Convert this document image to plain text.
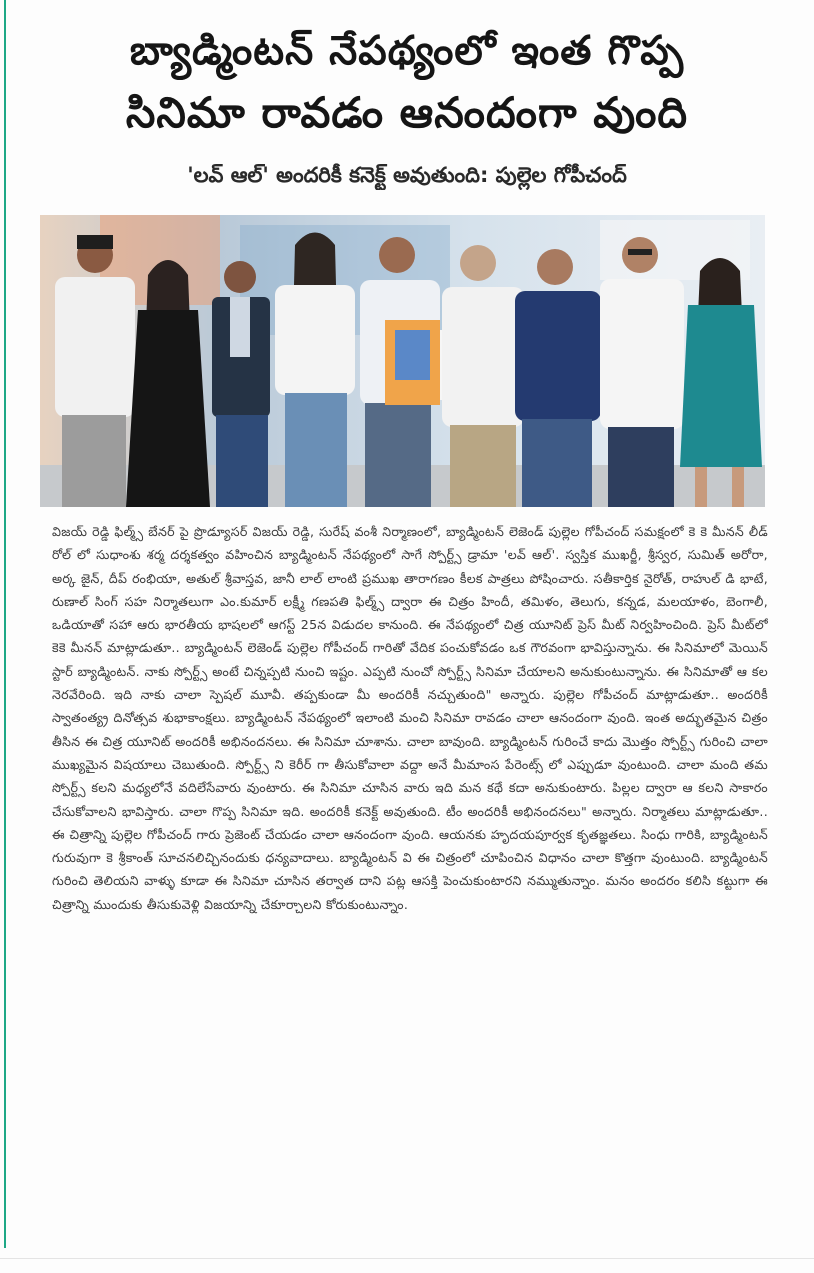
బ్యాడ్మింటన్ నేపథ్యంలో ఇంత గొప్ప
సినిమా రావడం ఆనందంగా వుంది
'లవ్ ఆల్' అందరికీ కనెక్ట్ అవుతుంది: పుల్లెల గోపీచంద్

విజయ్ రెడ్డి ఫిల్మ్స్ బేనర్ పై ప్రొడ్యూసర్ విజయ్ రెడ్డి, సురేష్ వంశీ నిర్మాణంలో, బ్యాడ్మింటన్ లెజెండ్ పుల్లెల గోపీచంద్ సమక్షంలో కె కె మీనన్ లీడ్ రోల్ లో సుధాంశు శర్మ దర్శకత్వం వహించిన బ్యాడ్మింటన్ నేపథ్యంలో సాగే స్పోర్ట్స్ డ్రామా 'లవ్ ఆల్'. స్వస్తిక ముఖర్జీ, శ్రీస్వర, సుమిత్ అరోరా, అర్క జైన్, దీప్ రంభియా, అతుల్ శ్రీవాస్తవ, జానీ లాల్ లాంటి ప్రముఖ తారాగణం కీలక పాత్రలు పోషించారు. సతీకార్తిక నైరోత్, రాహుల్ డి భాటే, రుణాల్ సింగ్ సహ నిర్మాతలుగా ఎం.కుమార్ లక్ష్మీ గణపతి ఫిల్మ్స్ ద్వారా ఈ చిత్రం హిందీ, తమిళం, తెలుగు, కన్నడ, మలయాళం, బెంగాలీ, ఒడియాతో సహా ఆరు భారతీయ భాషలలో ఆగస్ట్ 25న విడుదల కానుంది. ఈ నేపథ్యంలో చిత్ర యూనిట్ ప్రెస్ మీట్ నిర్వహించింది. ప్రెస్ మీట్‌లో కెకె మీనన్ మాట్లాడుతూ.. బ్యాడ్మింటన్ లెజెండ్ పుల్లెల గోపీచంద్ గారితో వేదిక పంచుకోవడం ఒక గౌరవంగా భావిస్తున్నాను. ఈ సినిమాలో మెయిన్ స్టార్ బ్యాడ్మింటన్. నాకు స్పోర్ట్స్ అంటే చిన్నప్పటి నుంచి ఇష్టం. ఎప్పటి నుంచో స్పోర్ట్స్ సినిమా చేయాలని అనుకుంటున్నాను. ఈ సినిమాతో ఆ కల నెరవేరింది. ఇది నాకు చాలా స్పెషల్ మూవీ. తప్పకుండా మీ అందరికీ నచ్చుతుంది" అన్నారు. పుల్లెల గోపీచంద్ మాట్లాడుతూ.. అందరికీ స్వాతంత్య్ర దినోత్సవ శుభాకాంక్షలు. బ్యాడ్మింటన్ నేపథ్యంలో ఇలాంటి మంచి సినిమా రావడం చాలా ఆనందంగా వుంది. ఇంత అద్భుతమైన చిత్రం తీసిన ఈ చిత్ర యూనిట్ అందరికీ అభినందనలు. ఈ సినిమా చూశాను. చాలా బావుంది. బ్యాడ్మింటన్ గురించే కాదు మొత్తం స్పోర్ట్స్ గురించి చాలా ముఖ్యమైన విషయాలు చెబుతుంది. స్పోర్ట్స్ ని కెరీర్ గా తీసుకోవాలా వద్దా అనే మీమాంస పేరెంట్స్ లో ఎప్పుడూ వుంటుంది. చాలా మంది తమ స్పోర్ట్స్ కలని మధ్యలోనే వదిలేసేవారు వుంటారు. ఈ సినిమా చూసిన వారు ఇది మన కథే కదా అనుకుంటారు. పిల్లల ద్వారా ఆ కలని సాకారం చేసుకోవాలని భావిస్తారు. చాలా గొప్ప సినిమా ఇది. అందరికీ కనెక్ట్ అవుతుంది. టీం అందరికీ అభినందనలు" అన్నారు. నిర్మాతలు మాట్లాడుతూ.. ఈ చిత్రాన్ని పుల్లెల గోపీచంద్ గారు ప్రెజెంట్ చేయడం చాలా ఆనందంగా వుంది. ఆయనకు హృదయపూర్వక కృతజ్ఞతలు. సింధు గారికి, బ్యాడ్మింటన్ గురువుగా కె శ్రీకాంత్ సూచనలిచ్చినందుకు ధన్యవాదాలు. బ్యాడ్మింటన్ వి ఈ చిత్రంలో చూపించిన విధానం చాలా కొత్తగా వుంటుంది. బ్యాడ్మింటన్ గురించి తెలియని వాళ్ళు కూడా ఈ సినిమా చూసిన తర్వాత దాని పట్ల ఆసక్తి పెంచుకుంటారని నమ్ముతున్నాం. మనం అందరం కలిసి కట్టుగా ఈ చిత్రాన్ని ముందుకు తీసుకువెళ్లి విజయాన్ని చేకూర్చాలని కోరుకుంటున్నాం.
